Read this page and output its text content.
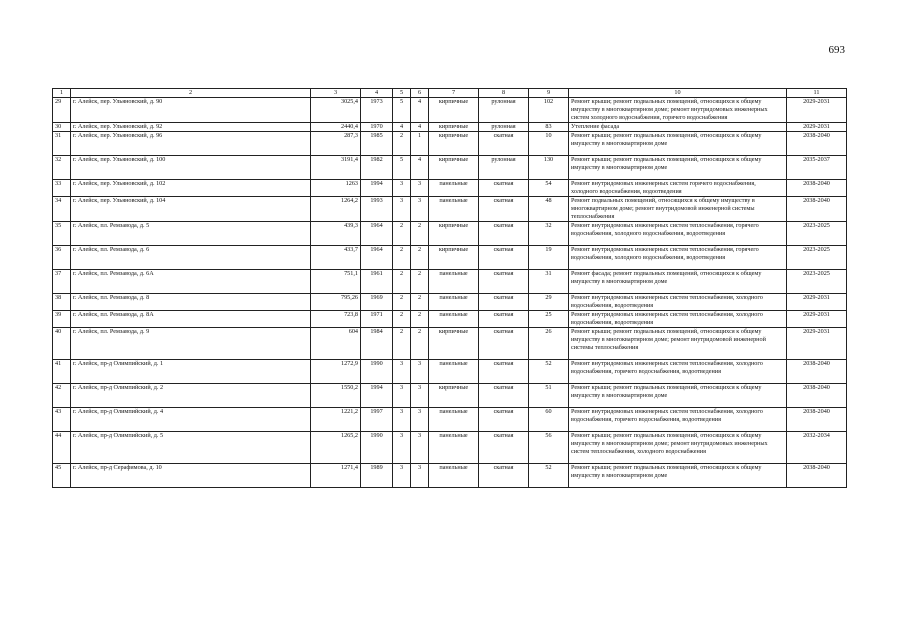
693
1	2	3	4	5	6	7	8	9	10	11
29	г. Алейск, пер. Ульяновский, д. 90	3025,4	1973	5	4	кирпичные	рулонная	102	Ремонт крыши; ремонт подвальных помещений, относящихся к общему имуществу в многоквартирном доме; ремонт внутридомовых инженерных систем холодного водоснабжения, горячего водоснабжения	2029-2031
30	г. Алейск, пер. Ульяновский, д. 92	2440,4	1970	4	4	кирпичные	рулонная	83	Утепление фасада	2029-2031
31	г. Алейск, пер. Ульяновский, д. 96	287,3	1985	2	1	кирпичные	скатная	10	Ремонт крыши; ремонт подвальных помещений, относящихся к общему имуществу в многоквартирном доме	2038-2040
32	г. Алейск, пер. Ульяновский, д. 100	3191,4	1982	5	4	кирпичные	рулонная	130	Ремонт крыши; ремонт подвальных помещений, относящихся к общему имуществу в многоквартирном доме	2035-2037
33	г. Алейск, пер. Ульяновский, д. 102	1263	1994	3	3	панельные	скатная	54	Ремонт внутридомовых инженерных систем горячего водоснабжения, холодного водоснабжения, водоотведения	2038-2040
34	г. Алейск, пер. Ульяновский, д. 104	1264,2	1993	3	3	панельные	скатная	48	Ремонт подвальных помещений, относящихся к общему имуществу в многоквартирном доме; ремонт внутридомовой инженерной системы теплоснабжения	2038-2040
35	г. Алейск, пл. Ремзавода, д. 5	439,3	1964	2	2	кирпичные	скатная	32	Ремонт внутридомовых инженерных систем теплоснабжения, горячего водоснабжения, холодного водоснабжения, водоотведения	2023-2025
36	г. Алейск, пл. Ремзавода, д. 6	433,7	1964	2	2	кирпичные	скатная	19	Ремонт внутридомовых инженерных систем теплоснабжения, горячего водоснабжения, холодного водоснабжения, водоотведения	2023-2025
37	г. Алейск, пл. Ремзавода, д. 6А	751,1	1961	2	2	панельные	скатная	31	Ремонт фасада; ремонт подвальных помещений, относящихся к общему имуществу в многоквартирном доме	2023-2025
38	г. Алейск, пл. Ремзавода, д. 8	795,26	1969	2	2	панельные	скатная	29	Ремонт внутридомовых инженерных систем теплоснабжения, холодного водоснабжения, водоотведения	2029-2031
39	г. Алейск, пл. Ремзавода, д. 8А	723,8	1971	2	2	панельные	скатная	25	Ремонт внутридомовых инженерных систем теплоснабжения, холодного водоснабжения, водоотведения	2029-2031
40	г. Алейск, пл. Ремзавода, д. 9	604	1984	2	2	кирпичные	скатная	26	Ремонт крыши; ремонт подвальных помещений, относящихся к общему имуществу в многоквартирном доме; ремонт внутридомовой инженерной системы теплоснабжения	2029-2031
41	г. Алейск, пр-д Олимпийский, д. 1	1272,9	1990	3	3	панельные	скатная	52	Ремонт внутридомовых инженерных систем теплоснабжения, холодного водоснабжения, горячего водоснабжения, водоотведения	2038-2040
42	г. Алейск, пр-д Олимпийский, д. 2	1550,2	1994	3	3	кирпичные	скатная	51	Ремонт крыши; ремонт подвальных помещений, относящихся к общему имуществу в многоквартирном доме	2038-2040
43	г. Алейск, пр-д Олимпийский, д. 4	1221,2	1997	3	3	панельные	скатная	60	Ремонт внутридомовых инженерных систем теплоснабжения, холодного водоснабжения, горячего водоснабжения, водоотведения	2038-2040
44	г. Алейск, пр-д Олимпийский, д. 5	1265,2	1990	3	3	панельные	скатная	56	Ремонт крыши; ремонт подвальных помещений, относящихся к общему имуществу в многоквартирном доме; ремонт внутридомовых инженерных систем теплоснабжения, холодного водоснабжения	2032-2034
45	г. Алейск, пр-д Серафимова, д. 10	1271,4	1989	3	3	панельные	скатная	52	Ремонт крыши; ремонт подвальных помещений, относящихся к общему имуществу в многоквартирном доме	2038-2040
